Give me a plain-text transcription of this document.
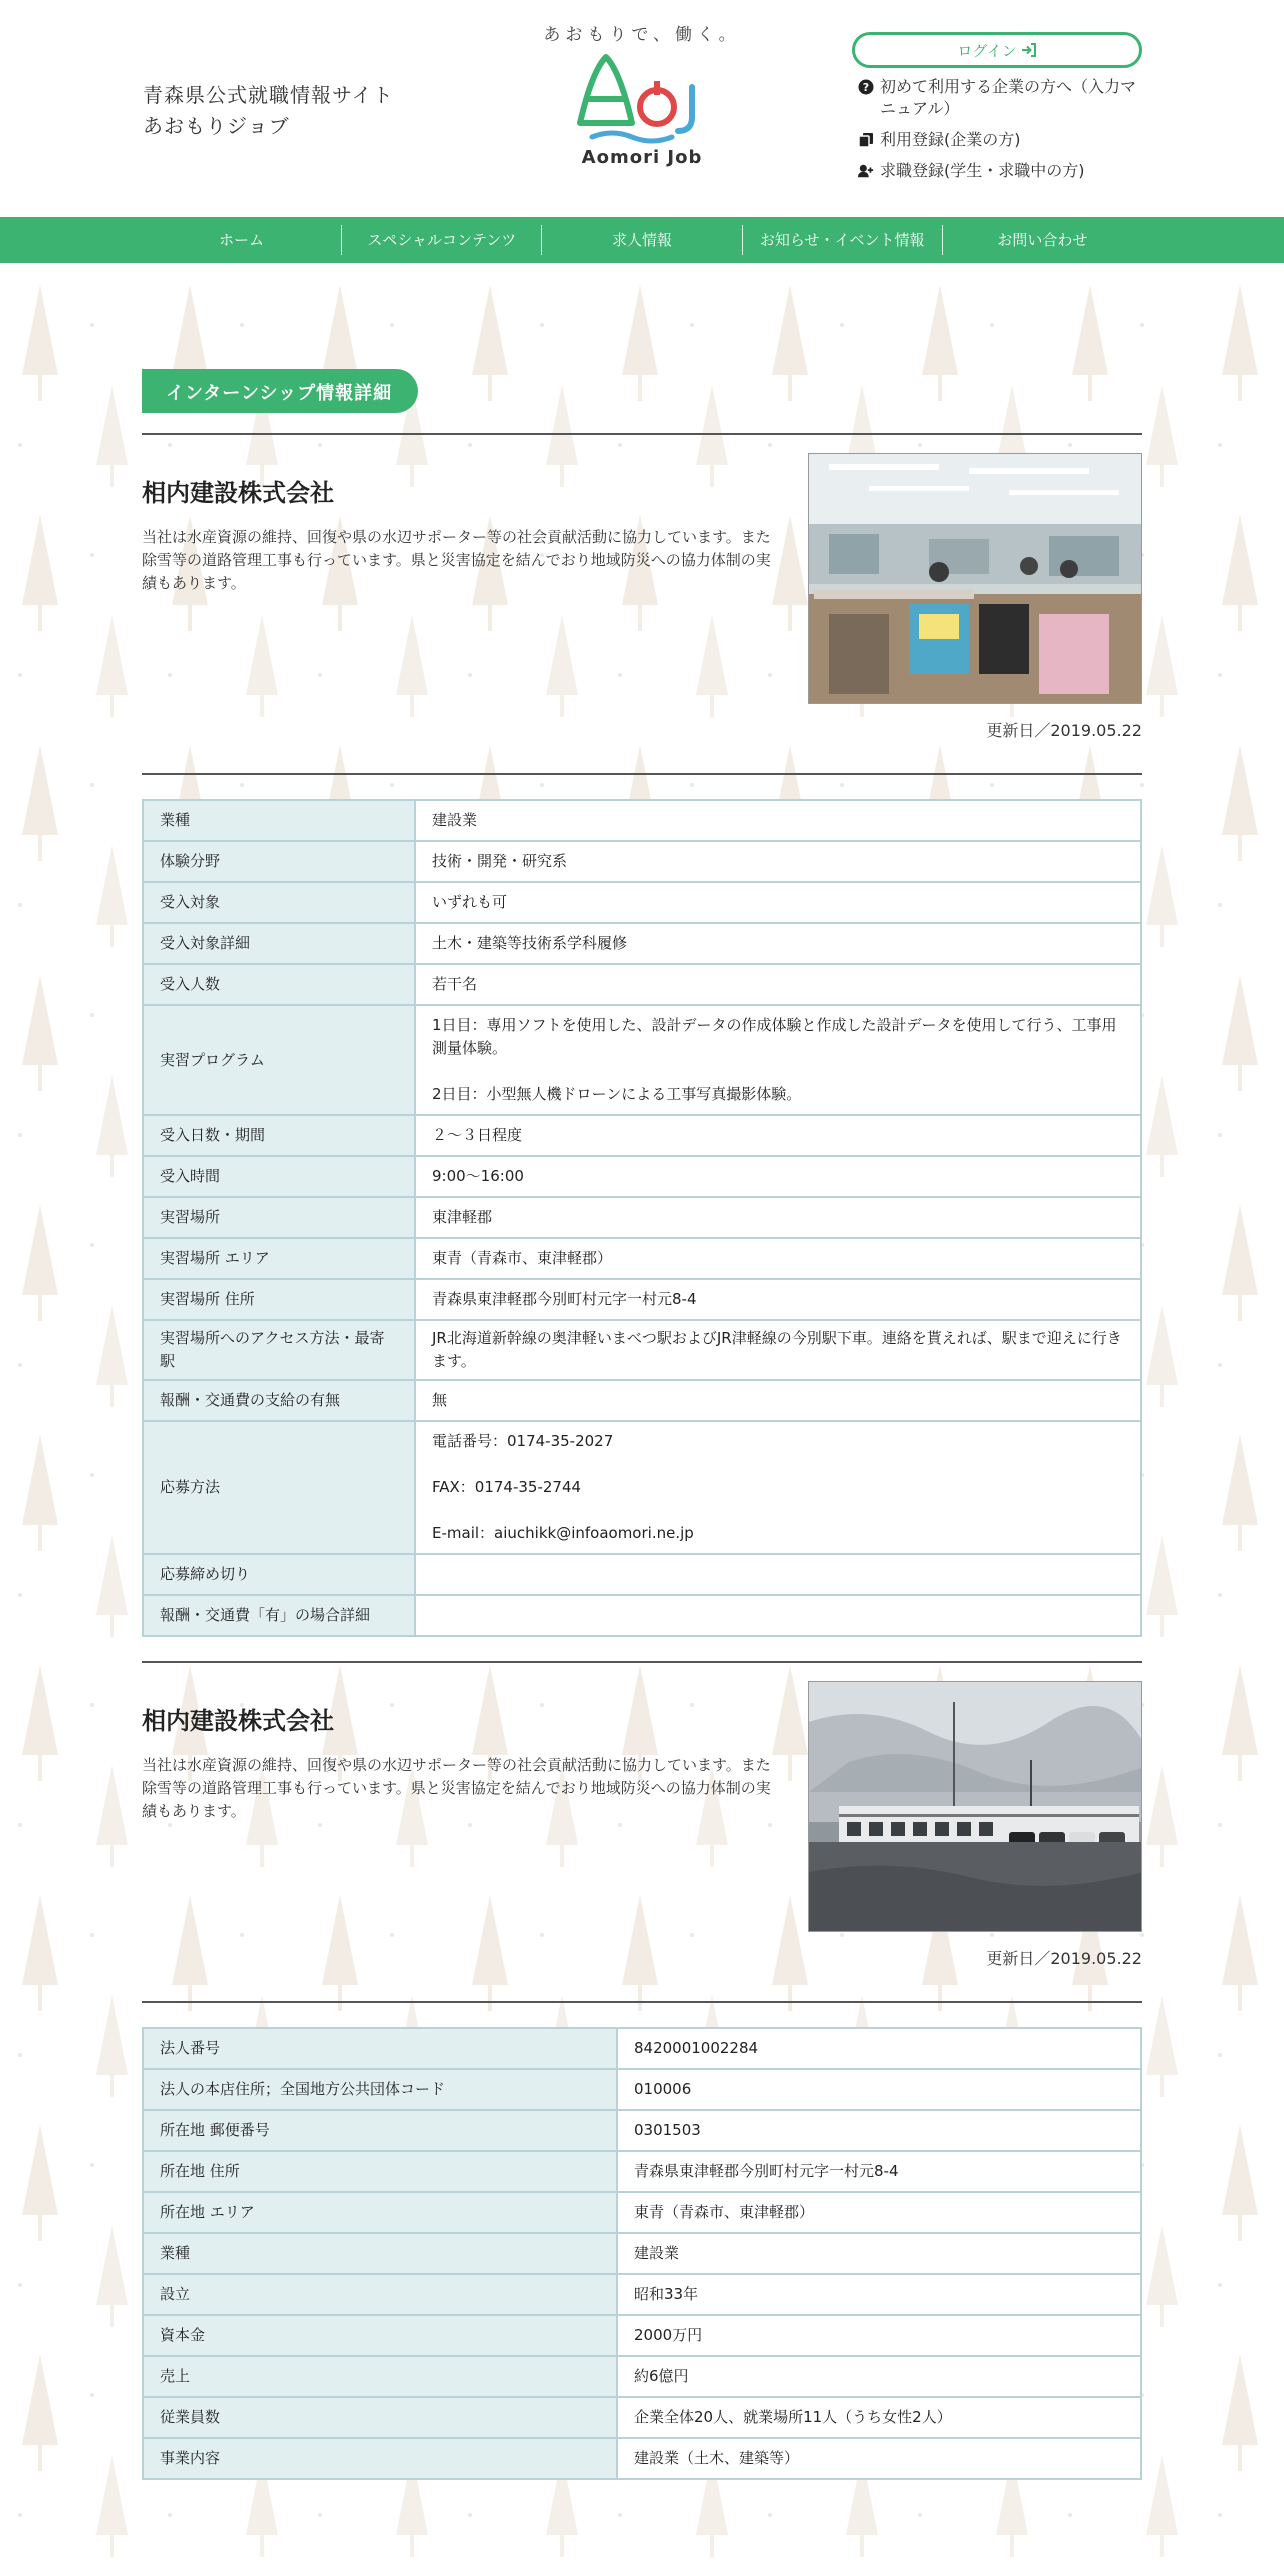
青森県公式就職情報サイト
あおもりジョブ
あおもりで、働く。
Aomori Job
ログイン
? 初めて利用する企業の方へ（入力マニュアル）
利用登録(企業の方)
求職登録(学生・求職中の方)
ホーム	スペシャルコンテンツ	求人情報	お知らせ・イベント情報	お問い合わせ
インターンシップ情報詳細
相内建設株式会社

当社は水産資源の維持、回復や県の水辺サポーター等の社会貢献活動に協力しています。また除雪等の道路管理工事も行っています。県と災害協定を結んでおり地域防災への協力体制の実績もあります。

更新日／2019.05.22
業種	建設業
体験分野	技術・開発・研究系
受入対象	いずれも可
受入対象詳細	土木・建築等技術系学科履修
受入人数	若干名
実習プログラム	1日目：専用ソフトを使用した、設計データの作成体験と作成した設計データを使用して行う、工事用測量体験。
2日目：小型無人機ドローンによる工事写真撮影体験。

受入日数・期間	２～３日程度
受入時間	9:00～16:00
実習場所	東津軽郡
実習場所 エリア	東青（青森市、東津軽郡）
実習場所 住所	青森県東津軽郡今別町村元字一村元8-4
実習場所へのアクセス方法・最寄駅	JR北海道新幹線の奥津軽いまべつ駅およびJR津軽線の今別駅下車。連絡を貰えれば、駅まで迎えに行きます。
報酬・交通費の支給の有無	無
応募方法	電話番号：0174-35-2027
FAX：0174-35-2744
E-mail：aiuchikk@infoaomori.ne.jp

応募締め切り	
報酬・交通費「有」の場合詳細	
相内建設株式会社

当社は水産資源の維持、回復や県の水辺サポーター等の社会貢献活動に協力しています。また除雪等の道路管理工事も行っています。県と災害協定を結んでおり地域防災への協力体制の実績もあります。

更新日／2019.05.22
法人番号	8420001002284
法人の本店住所；全国地方公共団体コード	010006
所在地 郵便番号	0301503
所在地 住所	青森県東津軽郡今別町村元字一村元8-4
所在地 エリア	東青（青森市、東津軽郡）
業種	建設業
設立	昭和33年
資本金	2000万円
売上	約6億円
従業員数	企業全体20人、就業場所11人（うち女性2人）
事業内容	建設業（土木、建築等）
